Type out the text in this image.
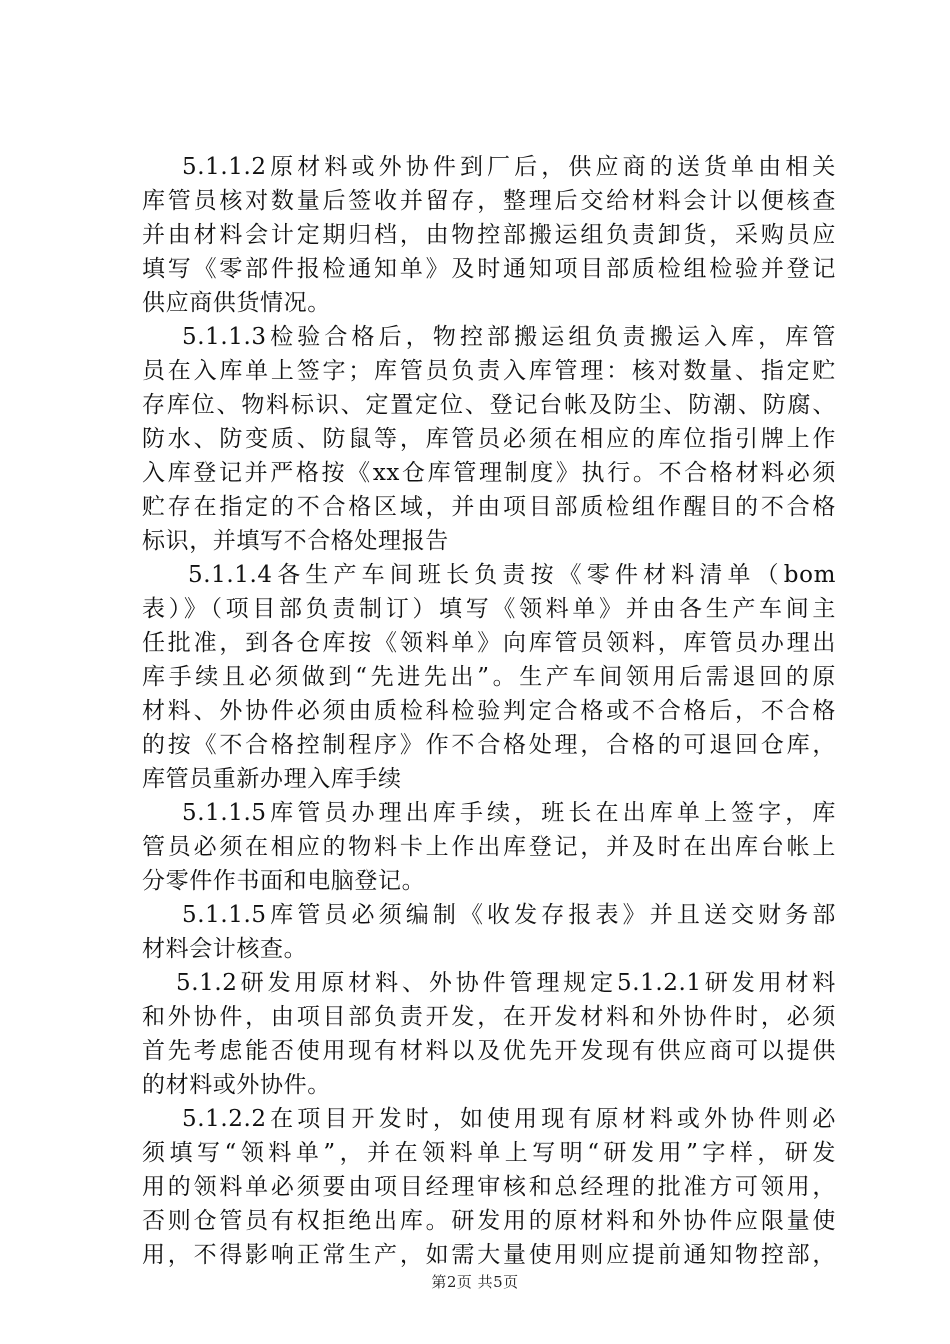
5.1.1.2原材料或外协件到厂后，供应商的送货单由相关
库管员核对数量后签收并留存，整理后交给材料会计以便核查
并由材料会计定期归档，由物控部搬运组负责卸货，采购员应
填写《零部件报检通知单》及时通知项目部质检组检验并登记
供应商供货情况。
5.1.1.3检验合格后，物控部搬运组负责搬运入库，库管
员在入库单上签字；库管员负责入库管理：核对数量、指定贮
存库位、物料标识、定置定位、登记台帐及防尘、防潮、防腐、
防水、防变质、防鼠等，库管员必须在相应的库位指引牌上作
入库登记并严格按《xx仓库管理制度》执行。不合格材料必须
贮存在指定的不合格区域，并由项目部质检组作醒目的不合格
标识，并填写不合格处理报告
5.1.1.4各生产车间班长负责按《零件材料清单（bom
表）》（项目部负责制订）填写《领料单》并由各生产车间主
任批准，到各仓库按《领料单》向库管员领料，库管员办理出
库手续且必须做到“先进先出”。生产车间领用后需退回的原
材料、外协件必须由质检科检验判定合格或不合格后，不合格
的按《不合格控制程序》作不合格处理，合格的可退回仓库，
库管员重新办理入库手续
5.1.1.5库管员办理出库手续，班长在出库单上签字，库
管员必须在相应的物料卡上作出库登记，并及时在出库台帐上
分零件作书面和电脑登记。
5.1.1.5库管员必须编制《收发存报表》并且送交财务部
材料会计核查。
5.1.2研发用原材料、外协件管理规定5.1.2.1研发用材料
和外协件，由项目部负责开发，在开发材料和外协件时，必须
首先考虑能否使用现有材料以及优先开发现有供应商可以提供
的材料或外协件。
5.1.2.2在项目开发时，如使用现有原材料或外协件则必
须填写“领料单”，并在领料单上写明“研发用”字样，研发
用的领料单必须要由项目经理审核和总经理的批准方可领用，
否则仓管员有权拒绝出库。研发用的原材料和外协件应限量使
用，不得影响正常生产，如需大量使用则应提前通知物控部，
第2页 共5页
